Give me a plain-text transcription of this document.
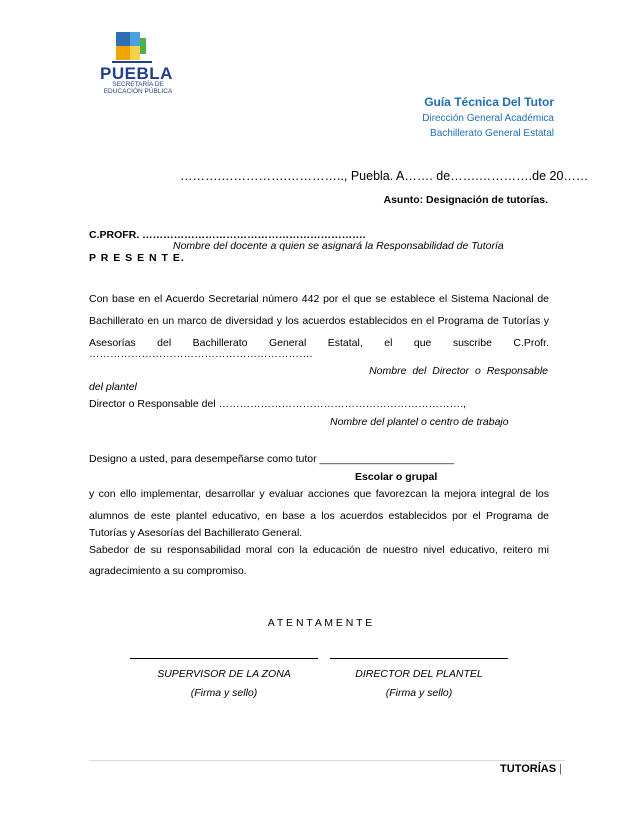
PUEBLA
SECRETARÍA DE EDUCACIÓN PÚBLICA
Guía Técnica Del Tutor
Dirección General Académica
Bachillerato General Estatal
……….…………….………….., Puebla. A……. de…….………….de 20……
Asunto: Designación de tutorías.
C.PROFR. ……………………………………………………….
Nombre del docente a quien se asignará la Responsabilidad de Tutoría
P R E S E N T E.
Con base en el Acuerdo Secretarial número 442 por el que se establece el Sistema Nacional de
Bachillerato en un marco de diversidad y los acuerdos establecidos en el Programa de Tutorías y
Asesorías del Bachillerato General Estatal, el que suscribe C.Profr.
……………………………………………………….
Nombre del Director o Responsable
del plantel
Director o Responsable del …………………………………………………………….,
Nombre del plantel o centro de trabajo
Designo a usted, para desempeñarse como tutor _______________________
Escolar o grupal
y con ello implementar, desarrollar y evaluar acciones que favorezcan la mejora integral de los
alumnos de este plantel educativo, en base a los acuerdos establecidos por el Programa de
Tutorías y Asesorías del Bachillerato General.
Sabedor de su responsabilidad moral con la educación de nuestro nivel educativo, reitero mi
agradecimiento a su compromiso.
A T E N T A M E N T E
SUPERVISOR DE LA ZONA	DIRECTOR DEL PLANTEL
(Firma y sello)	(Firma y sello)
TUTORÍAS |
